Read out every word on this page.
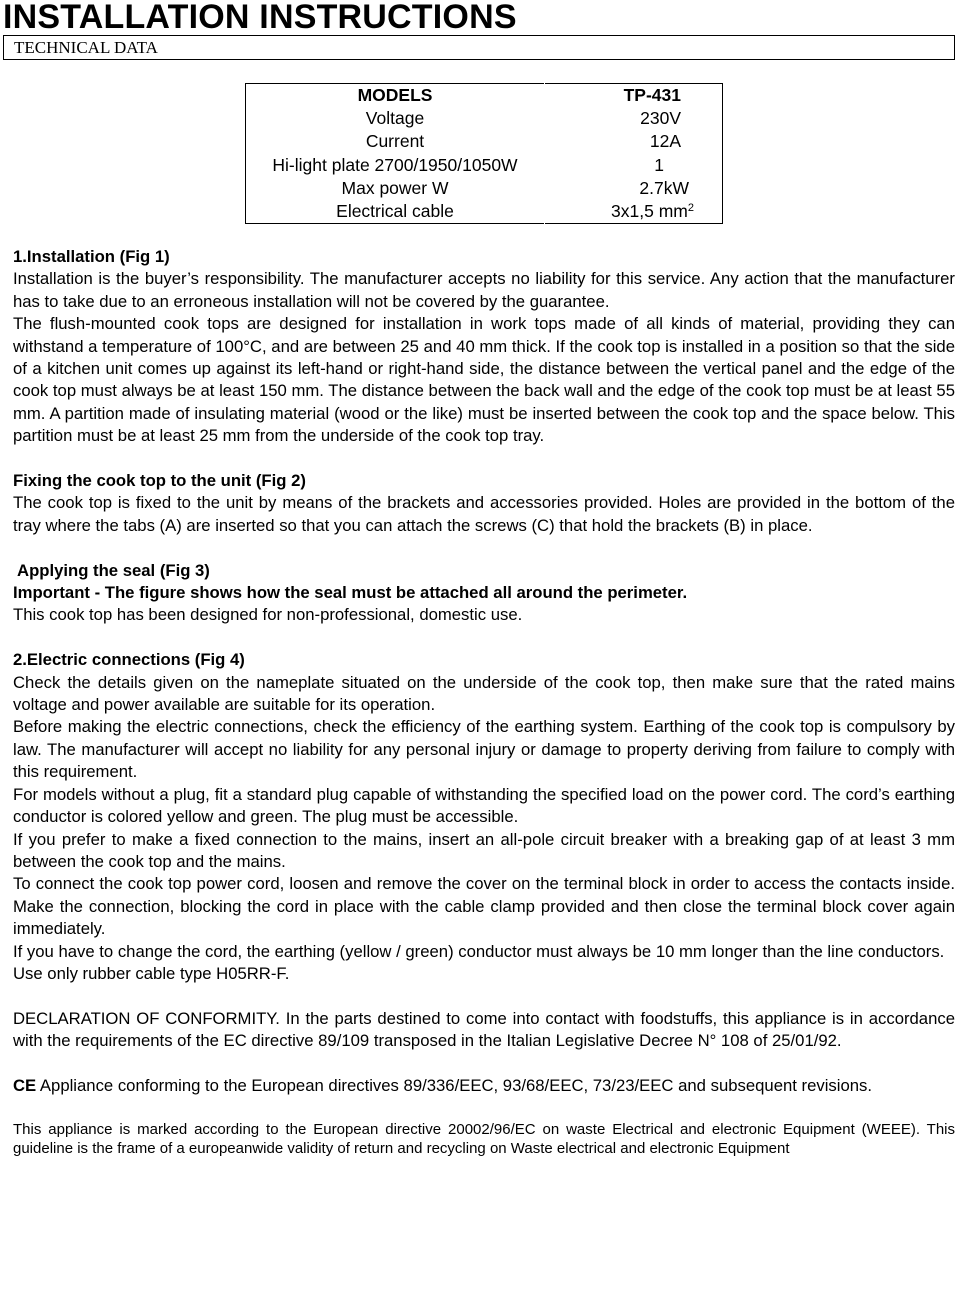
INSTALLATION INSTRUCTIONS
TECHNICAL DATA
MODELS	TP-431
Voltage	230V
Current	12A
Hi-light plate 2700/1950/1050W	1
Max power W	2.7kW
Electrical cable	3x1,5 $mm^2$

1.Installation (Fig 1)

Installation is the buyer’s responsibility. The manufacturer accepts no liability for this service. Any action that the manufacturer has to take due to an erroneous installation will not be covered by the guarantee.

The flush-mounted cook tops are designed for installation in work tops made of all kinds of material, providing they can withstand a temperature of 100°C, and are between 25 and 40 mm thick. If the cook top is installed in a position so that the side of a kitchen unit comes up against its left-hand or right-hand side, the distance between the vertical panel and the edge of the cook top must always be at least 150 mm. The distance between the back wall and the edge of the cook top must be at least 55 mm. A partition made of insulating material (wood or the like) must be inserted between the cook top and the space below. This partition must be at least 25 mm from the underside of the cook top tray.

Fixing the cook top to the unit (Fig 2)

The cook top is fixed to the unit by means of the brackets and accessories provided. Holes are provided in the bottom of the tray where the tabs (A) are inserted so that you can attach the screws (C) that hold the brackets (B) in place.

Applying the seal (Fig 3)

Important - The figure shows how the seal must be attached all around the perimeter.

This cook top has been designed for non-professional, domestic use.

2.Electric connections (Fig 4)

Check the details given on the nameplate situated on the underside of the cook top, then make sure that the rated mains voltage and power available are suitable for its operation.

Before making the electric connections, check the efficiency of the earthing system. Earthing of the cook top is compulsory by law. The manufacturer will accept no liability for any personal injury or damage to property deriving from failure to comply with this requirement.

For models without a plug, fit a standard plug capable of withstanding the specified load on the power cord. The cord’s earthing conductor is colored yellow and green. The plug must be accessible.

If you prefer to make a fixed connection to the mains, insert an all-pole circuit breaker with a breaking gap of at least 3 mm between the cook top and the mains.

To connect the cook top power cord, loosen and remove the cover on the terminal block in order to access the contacts inside. Make the connection, blocking the cord in place with the cable clamp provided and then close the terminal block cover again immediately.

If you have to change the cord, the earthing (yellow / green) conductor must always be 10 mm longer than the line conductors.

Use only rubber cable type H05RR-F.

DECLARATION OF CONFORMITY. In the parts destined to come into contact with foodstuffs, this appliance is in accordance with the requirements of the EC directive 89/109 transposed in the Italian Legislative Decree N° 108 of 25/01/92.

CE Appliance conforming to the European directives 89/336/EEC, 93/68/EEC, 73/23/EEC and subsequent revisions.

This appliance is marked according to the European directive 20002/96/EC on waste Electrical and electronic Equipment (WEEE). This guideline is the frame of a europeanwide validity of return and recycling on Waste electrical and electronic Equipment
